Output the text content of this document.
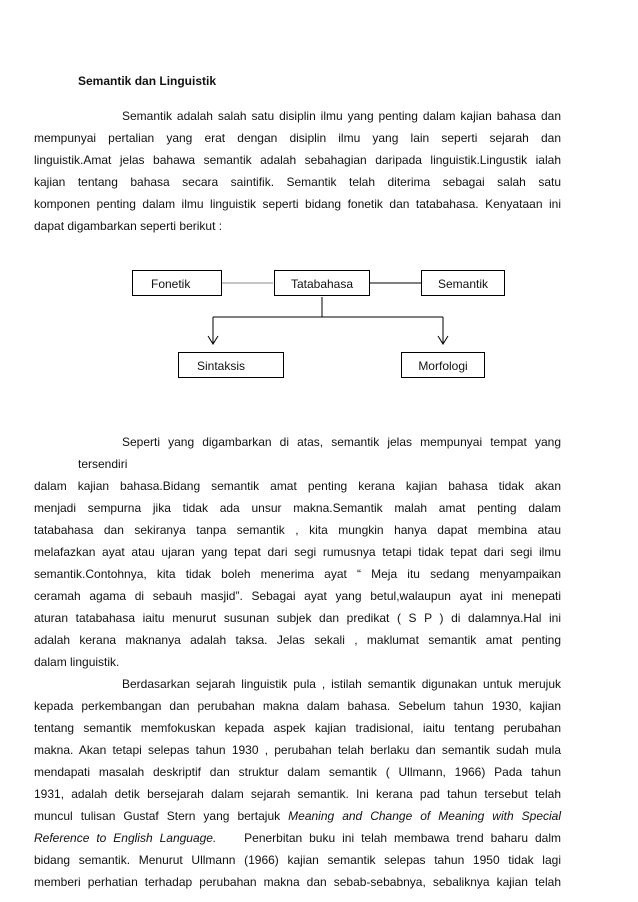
Semantik dan Linguistik

Semantik adalah salah satu disiplin ilmu yang penting dalam kajian bahasa dan
mempunyai pertalian yang erat dengan disiplin ilmu yang lain seperti sejarah dan
linguistik.Amat jelas bahawa semantik adalah sebahagian daripada linguistik.Lingustik ialah
kajian tentang bahasa secara saintifik. Semantik telah diterima sebagai salah satu
komponen penting dalam ilmu linguistik seperti bidang fonetik dan tatabahasa. Kenyataan ini
dapat digambarkan seperti berikut :

Fonetik	Tatabahasa	Semantik
Sintaksis	Morfologi

Seperti yang digambarkan di atas, semantik jelas mempunyai tempat yang tersendiri
dalam kajian bahasa.Bidang semantik amat penting kerana kajian bahasa tidak akan
menjadi sempurna jika tidak ada unsur makna.Semantik malah amat penting dalam
tatabahasa dan sekiranya tanpa semantik , kita mungkin hanya dapat membina atau
melafazkan ayat atau ujaran yang tepat dari segi rumusnya tetapi tidak tepat dari segi ilmu
semantik.Contohnya, kita tidak boleh menerima ayat “ Meja itu sedang menyampaikan
ceramah agama di sebauh masjid”. Sebagai ayat yang betul,walaupun ayat ini menepati
aturan tatabahasa iaitu menurut susunan subjek dan predikat ( S P ) di dalamnya.Hal ini
adalah kerana maknanya adalah taksa. Jelas sekali , maklumat semantik amat penting
dalam linguistik.

Berdasarkan sejarah linguistik pula , istilah semantik digunakan untuk merujuk
kepada perkembangan dan perubahan makna dalam bahasa. Sebelum tahun 1930, kajian
tentang semantik memfokuskan kepada aspek kajian tradisional, iaitu tentang perubahan
makna. Akan tetapi selepas tahun 1930 , perubahan telah berlaku dan semantik sudah mula
mendapati masalah deskriptif dan struktur dalam semantik ( Ullmann, 1966) Pada tahun
1931, adalah detik bersejarah dalam sejarah semantik. Ini kerana pad tahun tersebut telah
muncul tulisan Gustaf Stern yang bertajuk Meaning and Change of Meaning with Special
Reference to English Language.    Penerbitan buku ini telah membawa trend baharu dalm
bidang semantik. Menurut Ullmann (1966) kajian semantik selepas tahun 1950 tidak lagi
memberi perhatian terhadap perubahan makna dan sebab-sebabnya, sebaliknya kajian telah
